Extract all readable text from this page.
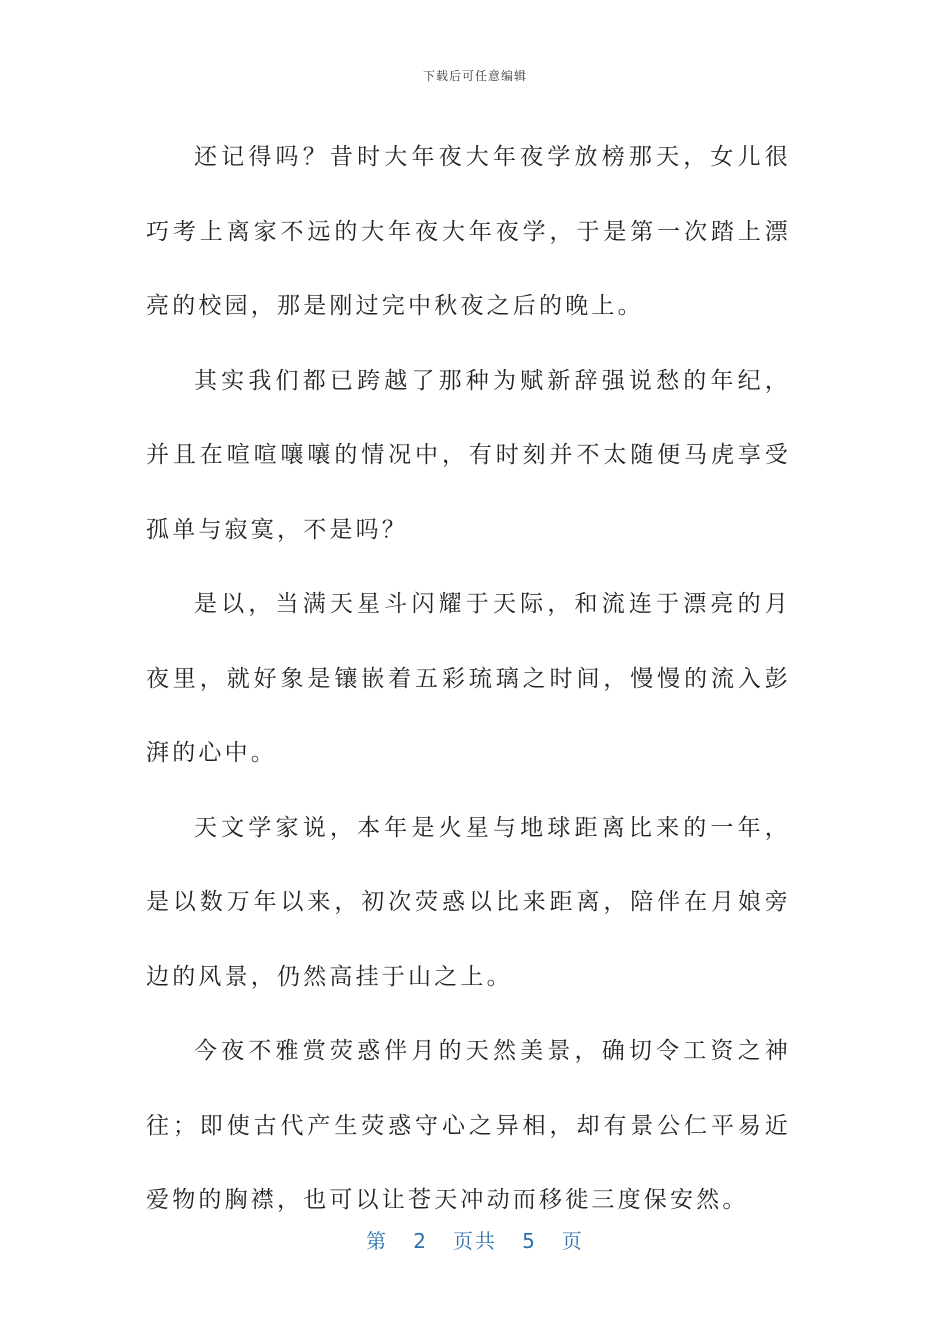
下载后可任意编辑

还记得吗？昔时大年夜大年夜学放榜那天，女儿很巧考上离家不远的大年夜大年夜学，于是第一次踏上漂亮的校园，那是刚过完中秋夜之后的晚上。

其实我们都已跨越了那种为赋新辞强说愁的年纪，并且在喧喧嚷嚷的情况中，有时刻并不太随便马虎享受孤单与寂寞，不是吗？

是以，当满天星斗闪耀于天际，和流连于漂亮的月夜里，就好象是镶嵌着五彩琉璃之时间，慢慢的流入彭湃的心中。

天文学家说，本年是火星与地球距离比来的一年，是以数万年以来，初次荧惑以比来距离，陪伴在月娘旁边的风景，仍然高挂于山之上。

今夜不雅赏荧惑伴月的天然美景，确切令工资之神往；即使古代产生荧惑守心之异相，却有景公仁平易近爱物的胸襟，也可以让苍天冲动而移徙三度保安然。

第 2 页共 5 页
